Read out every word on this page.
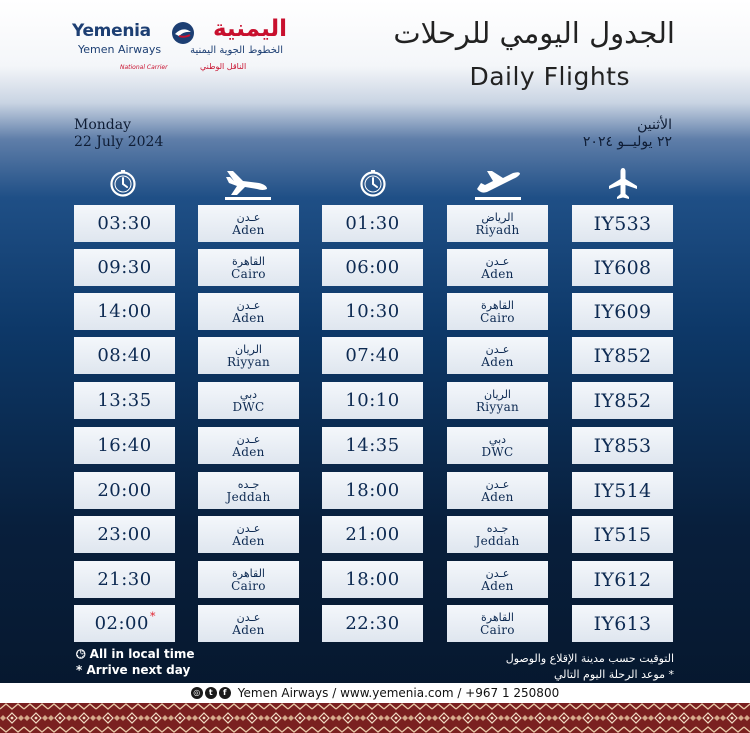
Yemenia	اليمنية
Yemen Airways	الخطوط الجوية اليمنية
National Carrier	الناقل الوطني
الجدول اليومي للرحلات
Daily Flights
Monday
22 July 2024
الأثنين
٢٢ يوليــو ٢٠٢٤
IY533
الرياض
Riyadh
01:30
عـدن
Aden
03:30
IY608
عـدن
Aden
06:00
القاهرة
Cairo
09:30
IY609
القاهرة
Cairo
10:30
عـدن
Aden
14:00
IY852
عـدن
Aden
07:40
الريان
Riyyan
08:40
IY852
الريان
Riyyan
10:10
دبي
DWC
13:35
IY853
دبي
DWC
14:35
عـدن
Aden
16:40
IY514
عـدن
Aden
18:00
جـده
Jeddah
20:00
IY515
جـده
Jeddah
21:00
عـدن
Aden
23:00
IY612
عـدن
Aden
18:00
القاهرة
Cairo
21:30
IY613
القاهرة
Cairo
22:30
عـدن
Aden
02:00 *
🕒︎ All in local time
* Arrive next day
التوقيت حسب مدينة الإقلاع والوصول
* موعد الرحلة اليوم التالي
◎	t	f Yemen Airways / www.yemenia.com / +967 1 250800
